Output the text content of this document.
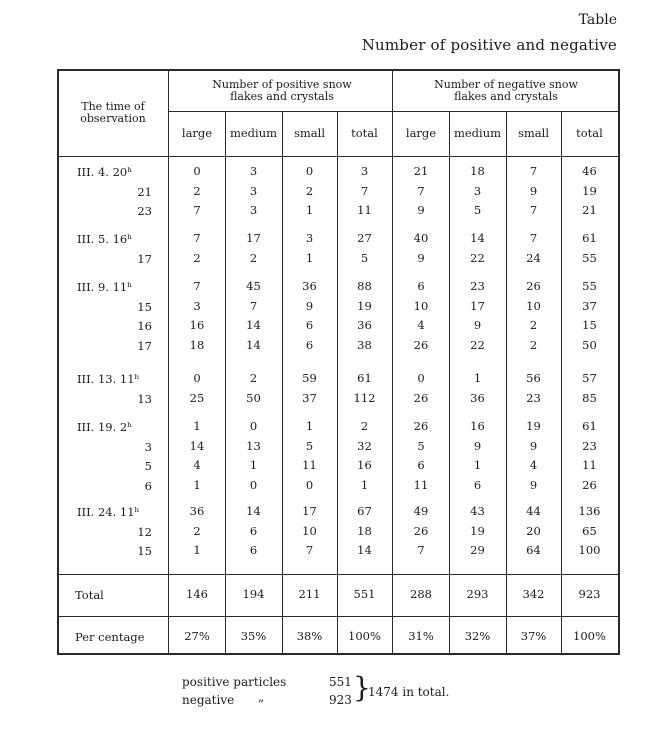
Table
Number of positive and negative
The time of observation
Number of positive snow flakes and crystals
Number of negative snow flakes and crystals
large	medium	small	total	large	medium	small	total
III. 4. 20ʰ	0	3	0	3	21	18	7	46
21	2	3	2	7	7	3	9	19
23	7	3	1	11	9	5	7	21
III. 5. 16ʰ	7	17	3	27	40	14	7	61
17	2	2	1	5	9	22	24	55
III. 9. 11ʰ	7	45	36	88	6	23	26	55
15	3	7	9	19	10	17	10	37
16	16	14	6	36	4	9	2	15
17	18	14	6	38	26	22	2	50
III. 13. 11ʰ	0	2	59	61	0	1	56	57
13	25	50	37	112	26	36	23	85
III. 19. 2ʰ	1	0	1	2	26	16	19	61
3	14	13	5	32	5	9	9	23
5	4	1	11	16	6	1	4	11
6	1	0	0	1	11	6	9	26
III. 24. 11ʰ	36	14	17	67	49	43	44	136
12	2	6	10	18	26	19	20	65
15	1	6	7	14	7	29	64	100
Total	146	194	211	551	288	293	342	923
Per centage	27%	35%	38%	100%	31%	32%	37%	100%
positive particles	551
negative „	923 }
1474 in total.
